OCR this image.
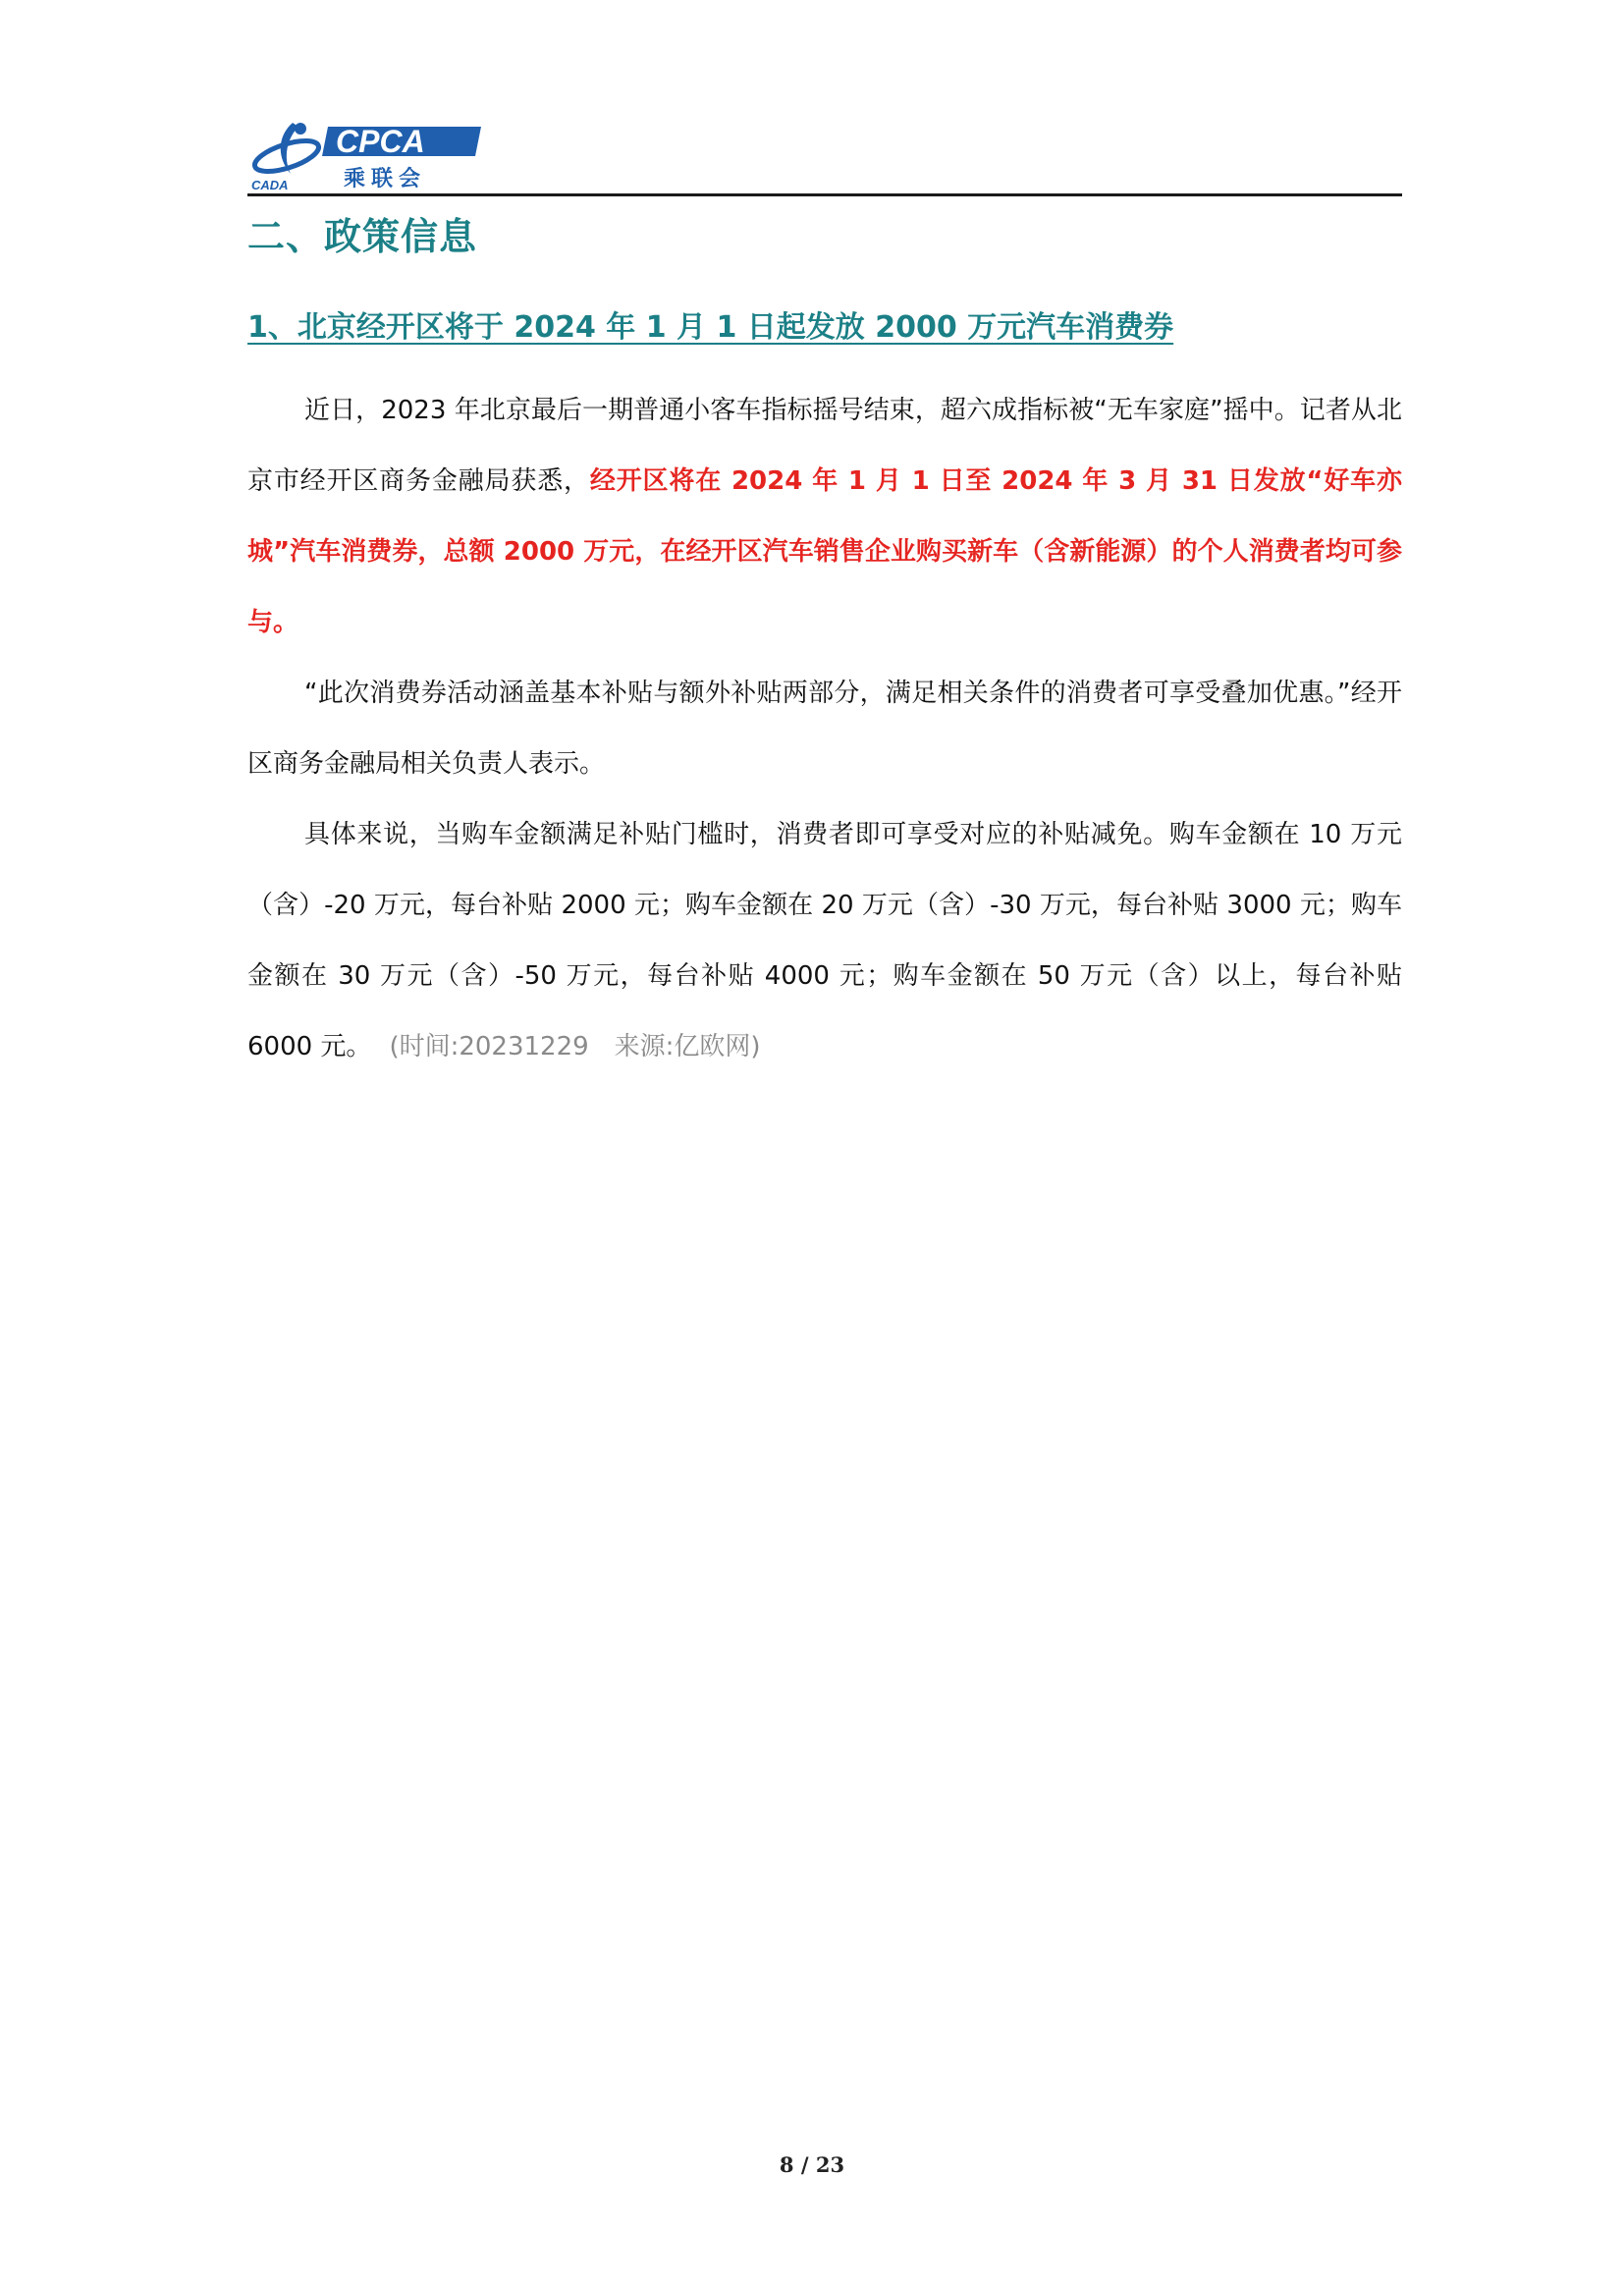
CADA
CPCA
乘联会
二、政策信息
1、北京经开区将于 2024 年 1 月 1 日起发放 2000 万元汽车消费券

近日，2023 年北京最后一期普通小客车指标摇号结束，超六成指标被“无车家庭”摇中。记者从北京市经开区商务金融局获悉，经开区将在 2024 年 1 月 1 日至 2024 年 3 月 31 日发放“好车亦城”汽车消费券，总额 2000 万元，在经开区汽车销售企业购买新车（含新能源）的个人消费者均可参与。

“此次消费券活动涵盖基本补贴与额外补贴两部分，满足相关条件的消费者可享受叠加优惠。”经开区商务金融局相关负责人表示。

具体来说，当购车金额满足补贴门槛时，消费者即可享受对应的补贴减免。购车金额在 10 万元（含）-20 万元，每台补贴 2000 元；购车金额在 20 万元（含）-30 万元，每台补贴 3000 元；购车金额在 30 万元（含）-50 万元，每台补贴 4000 元；购车金额在 50 万元（含）以上，每台补贴 6000 元。 (时间:20231229　来源:亿欧网)

8 / 23
